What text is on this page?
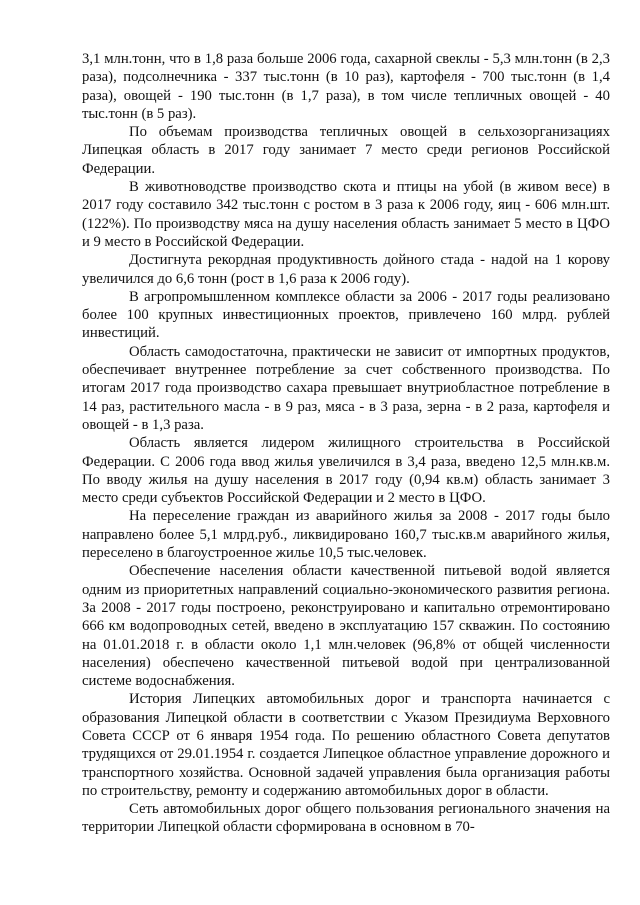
3,1 млн.тонн, что в 1,8 раза больше 2006 года, сахарной свеклы - 5,3 млн.тонн (в 2,3 раза), подсолнечника - 337 тыс.тонн (в 10 раз), картофеля - 700 тыс.тонн (в 1,4 раза), овощей - 190 тыс.тонн (в 1,7 раза), в том числе тепличных овощей - 40 тыс.тонн (в 5 раз).

По объемам производства тепличных овощей в сельхозорганизациях Липецкая область в 2017 году занимает 7 место среди регионов Российской Федерации.

В животноводстве производство скота и птицы на убой (в живом весе) в 2017 году составило 342 тыс.тонн с ростом в 3 раза к 2006 году, яиц - 606 млн.шт. (122%). По производству мяса на душу населения область занимает 5 место в ЦФО и 9 место в Российской Федерации.

Достигнута рекордная продуктивность дойного стада - надой на 1 корову увеличился до 6,6 тонн (рост в 1,6 раза к 2006 году).

В агропромышленном комплексе области за 2006 - 2017 годы реализовано более 100 крупных инвестиционных проектов, привлечено 160 млрд. рублей инвестиций.

Область самодостаточна, практически не зависит от импортных продуктов, обеспечивает внутреннее потребление за счет собственного производства. По итогам 2017 года производство сахара превышает внутриобластное потребление в 14 раз, растительного масла - в 9 раз, мяса - в 3 раза, зерна - в 2 раза, картофеля и овощей - в 1,3 раза.

Область является лидером жилищного строительства в Российской Федерации. С 2006 года ввод жилья увеличился в 3,4 раза, введено 12,5 млн.кв.м. По вводу жилья на душу населения в 2017 году (0,94 кв.м) область занимает 3 место среди субъектов Российской Федерации и 2 место в ЦФО.

На переселение граждан из аварийного жилья за 2008 - 2017 годы было направлено более 5,1 млрд.руб., ликвидировано 160,7 тыс.кв.м аварийного жилья, переселено в благоустроенное жилье 10,5 тыс.человек.

Обеспечение населения области качественной питьевой водой является одним из приоритетных направлений социально-экономического развития региона. За 2008 - 2017 годы построено, реконструировано и капитально отремонтировано 666 км водопроводных сетей, введено в эксплуатацию 157 скважин. По состоянию на 01.01.2018 г. в области около 1,1 млн.человек (96,8% от общей численности населения) обеспечено качественной питьевой водой при централизованной системе водоснабжения.

История Липецких автомобильных дорог и транспорта начинается с образования Липецкой области в соответствии с Указом Президиума Верховного Совета СССР от 6 января 1954 года. По решению областного Совета депутатов трудящихся от 29.01.1954 г. создается Липецкое областное управление дорожного и транспортного хозяйства. Основной задачей управления была организация работы по строительству, ремонту и содержанию автомобильных дорог в области.

Сеть автомобильных дорог общего пользования регионального значения на территории Липецкой области сформирована в основном в 70-
